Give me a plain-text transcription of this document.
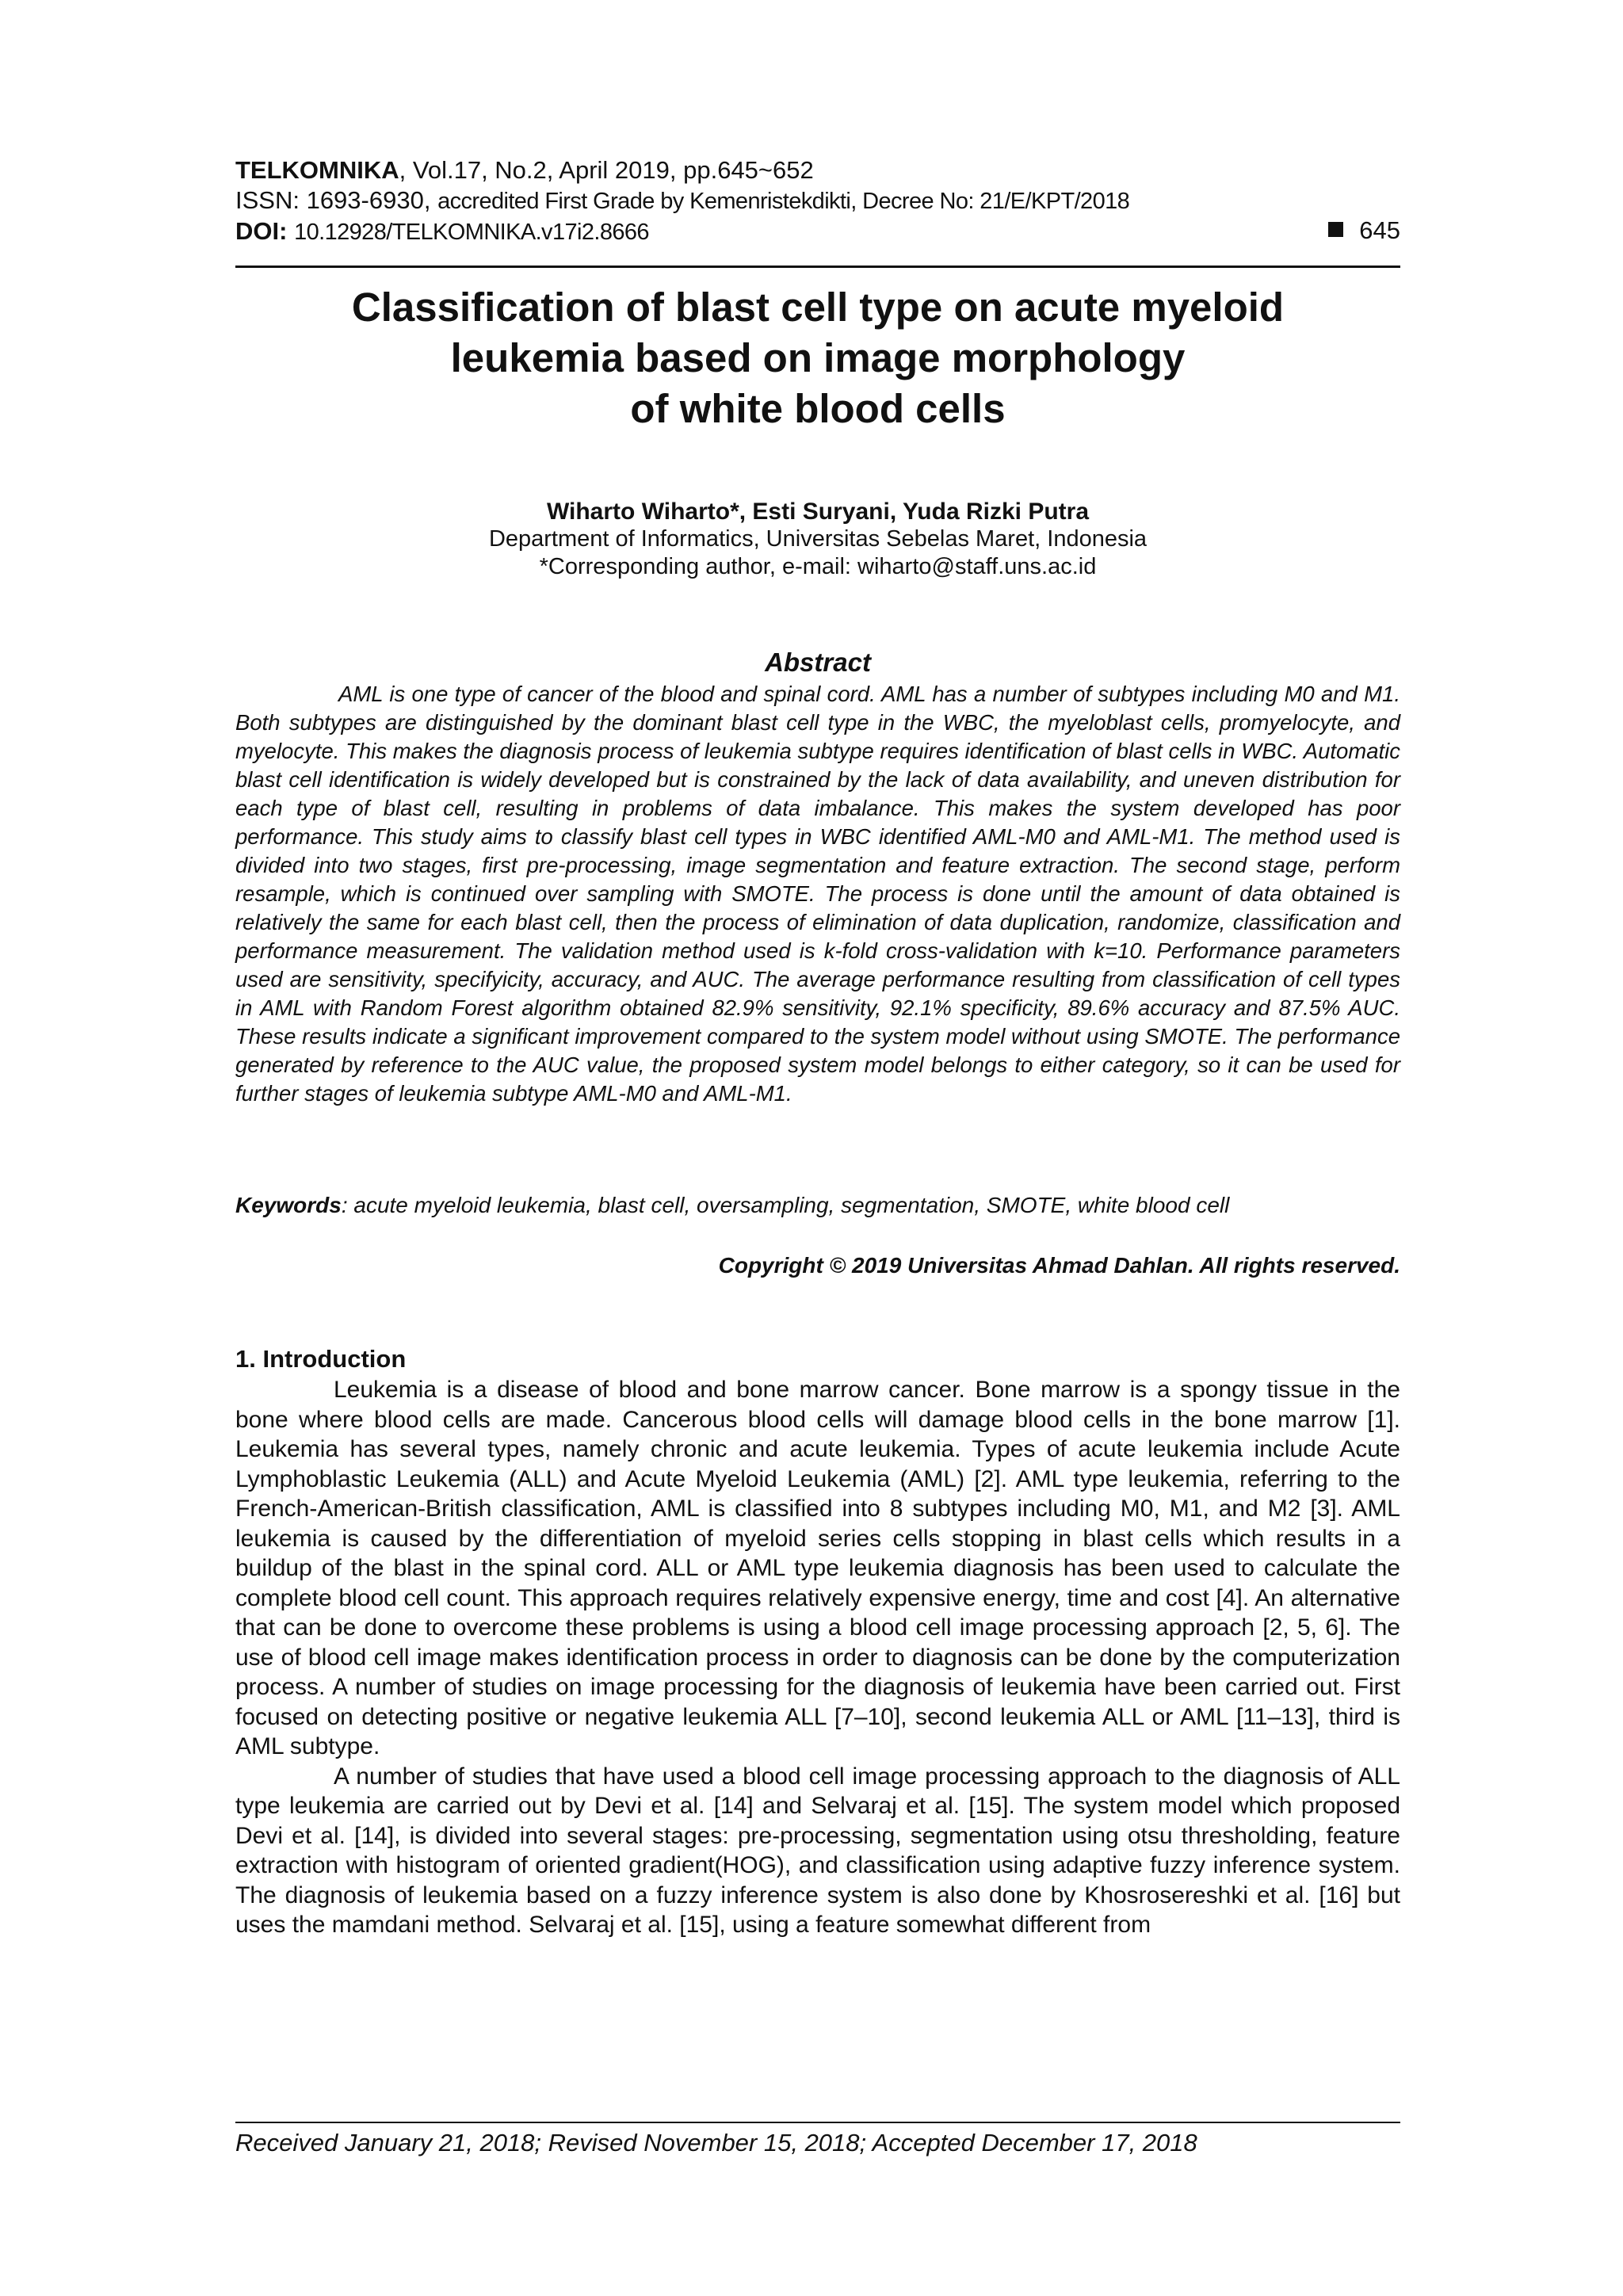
TELKOMNIKA, Vol.17, No.2, April 2019, pp.645~652
ISSN: 1693-6930, accredited First Grade by Kemenristekdikti, Decree No: 21/E/KPT/2018
DOI: 10.12928/TELKOMNIKA.v17i2.8666	645
Classification of blast cell type on acute myeloid
leukemia based on image morphology
of white blood cells
Wiharto Wiharto*, Esti Suryani, Yuda Rizki Putra
Department of Informatics, Universitas Sebelas Maret, Indonesia
*Corresponding author, e-mail: wiharto@staff.uns.ac.id
Abstract

AML is one type of cancer of the blood and spinal cord. AML has a number of subtypes including M0 and M1. Both subtypes are distinguished by the dominant blast cell type in the WBC, the myeloblast cells, promyelocyte, and myelocyte. This makes the diagnosis process of leukemia subtype requires identification of blast cells in WBC. Automatic blast cell identification is widely developed but is constrained by the lack of data availability, and uneven distribution for each type of blast cell, resulting in problems of data imbalance. This makes the system developed has poor performance. This study aims to classify blast cell types in WBC identified AML-M0 and AML-M1. The method used is divided into two stages, first pre-processing, image segmentation and feature extraction. The second stage, perform resample, which is continued over sampling with SMOTE. The process is done until the amount of data obtained is relatively the same for each blast cell, then the process of elimination of data duplication, randomize, classification and performance measurement. The validation method used is k-fold cross-validation with k=10. Performance parameters used are sensitivity, specifyicity, accuracy, and AUC. The average performance resulting from classification of cell types in AML with Random Forest algorithm obtained 82.9% sensitivity, 92.1% specificity, 89.6% accuracy and 87.5% AUC. These results indicate a significant improvement compared to the system model without using SMOTE. The performance generated by reference to the AUC value, the proposed system model belongs to either category, so it can be used for further stages of leukemia subtype AML-M0 and AML-M1.

Keywords: acute myeloid leukemia, blast cell, oversampling, segmentation, SMOTE, white blood cell
Copyright © 2019 Universitas Ahmad Dahlan. All rights reserved.
1. Introduction

Leukemia is a disease of blood and bone marrow cancer. Bone marrow is a spongy tissue in the bone where blood cells are made. Cancerous blood cells will damage blood cells in the bone marrow [1]. Leukemia has several types, namely chronic and acute leukemia. Types of acute leukemia include Acute Lymphoblastic Leukemia (ALL) and Acute Myeloid Leukemia (AML) [2]. AML type leukemia, referring to the French-American-British classification, AML is classified into 8 subtypes including M0, M1, and M2 [3]. AML leukemia is caused by the differentiation of myeloid series cells stopping in blast cells which results in a buildup of the blast in the spinal cord. ALL or AML type leukemia diagnosis has been used to calculate the complete blood cell count. This approach requires relatively expensive energy, time and cost [4]. An alternative that can be done to overcome these problems is using a blood cell image processing approach [2, 5, 6]. The use of blood cell image makes identification process in order to diagnosis can be done by the computerization process. A number of studies on image processing for the diagnosis of leukemia have been carried out. First focused on detecting positive or negative leukemia ALL [7–10], second leukemia ALL or AML [11–13], third is AML subtype.

A number of studies that have used a blood cell image processing approach to the diagnosis of ALL type leukemia are carried out by Devi et al. [14] and Selvaraj et al. [15]. The system model which proposed Devi et al. [14], is divided into several stages: pre-processing, segmentation using otsu thresholding, feature extraction with histogram of oriented gradient(HOG), and classification using adaptive fuzzy inference system. The diagnosis of leukemia based on a fuzzy inference system is also done by Khosrosereshki et al. [16] but uses the mamdani method. Selvaraj et al. [15], using a feature somewhat different from

Received January 21, 2018; Revised November 15, 2018; Accepted December 17, 2018
